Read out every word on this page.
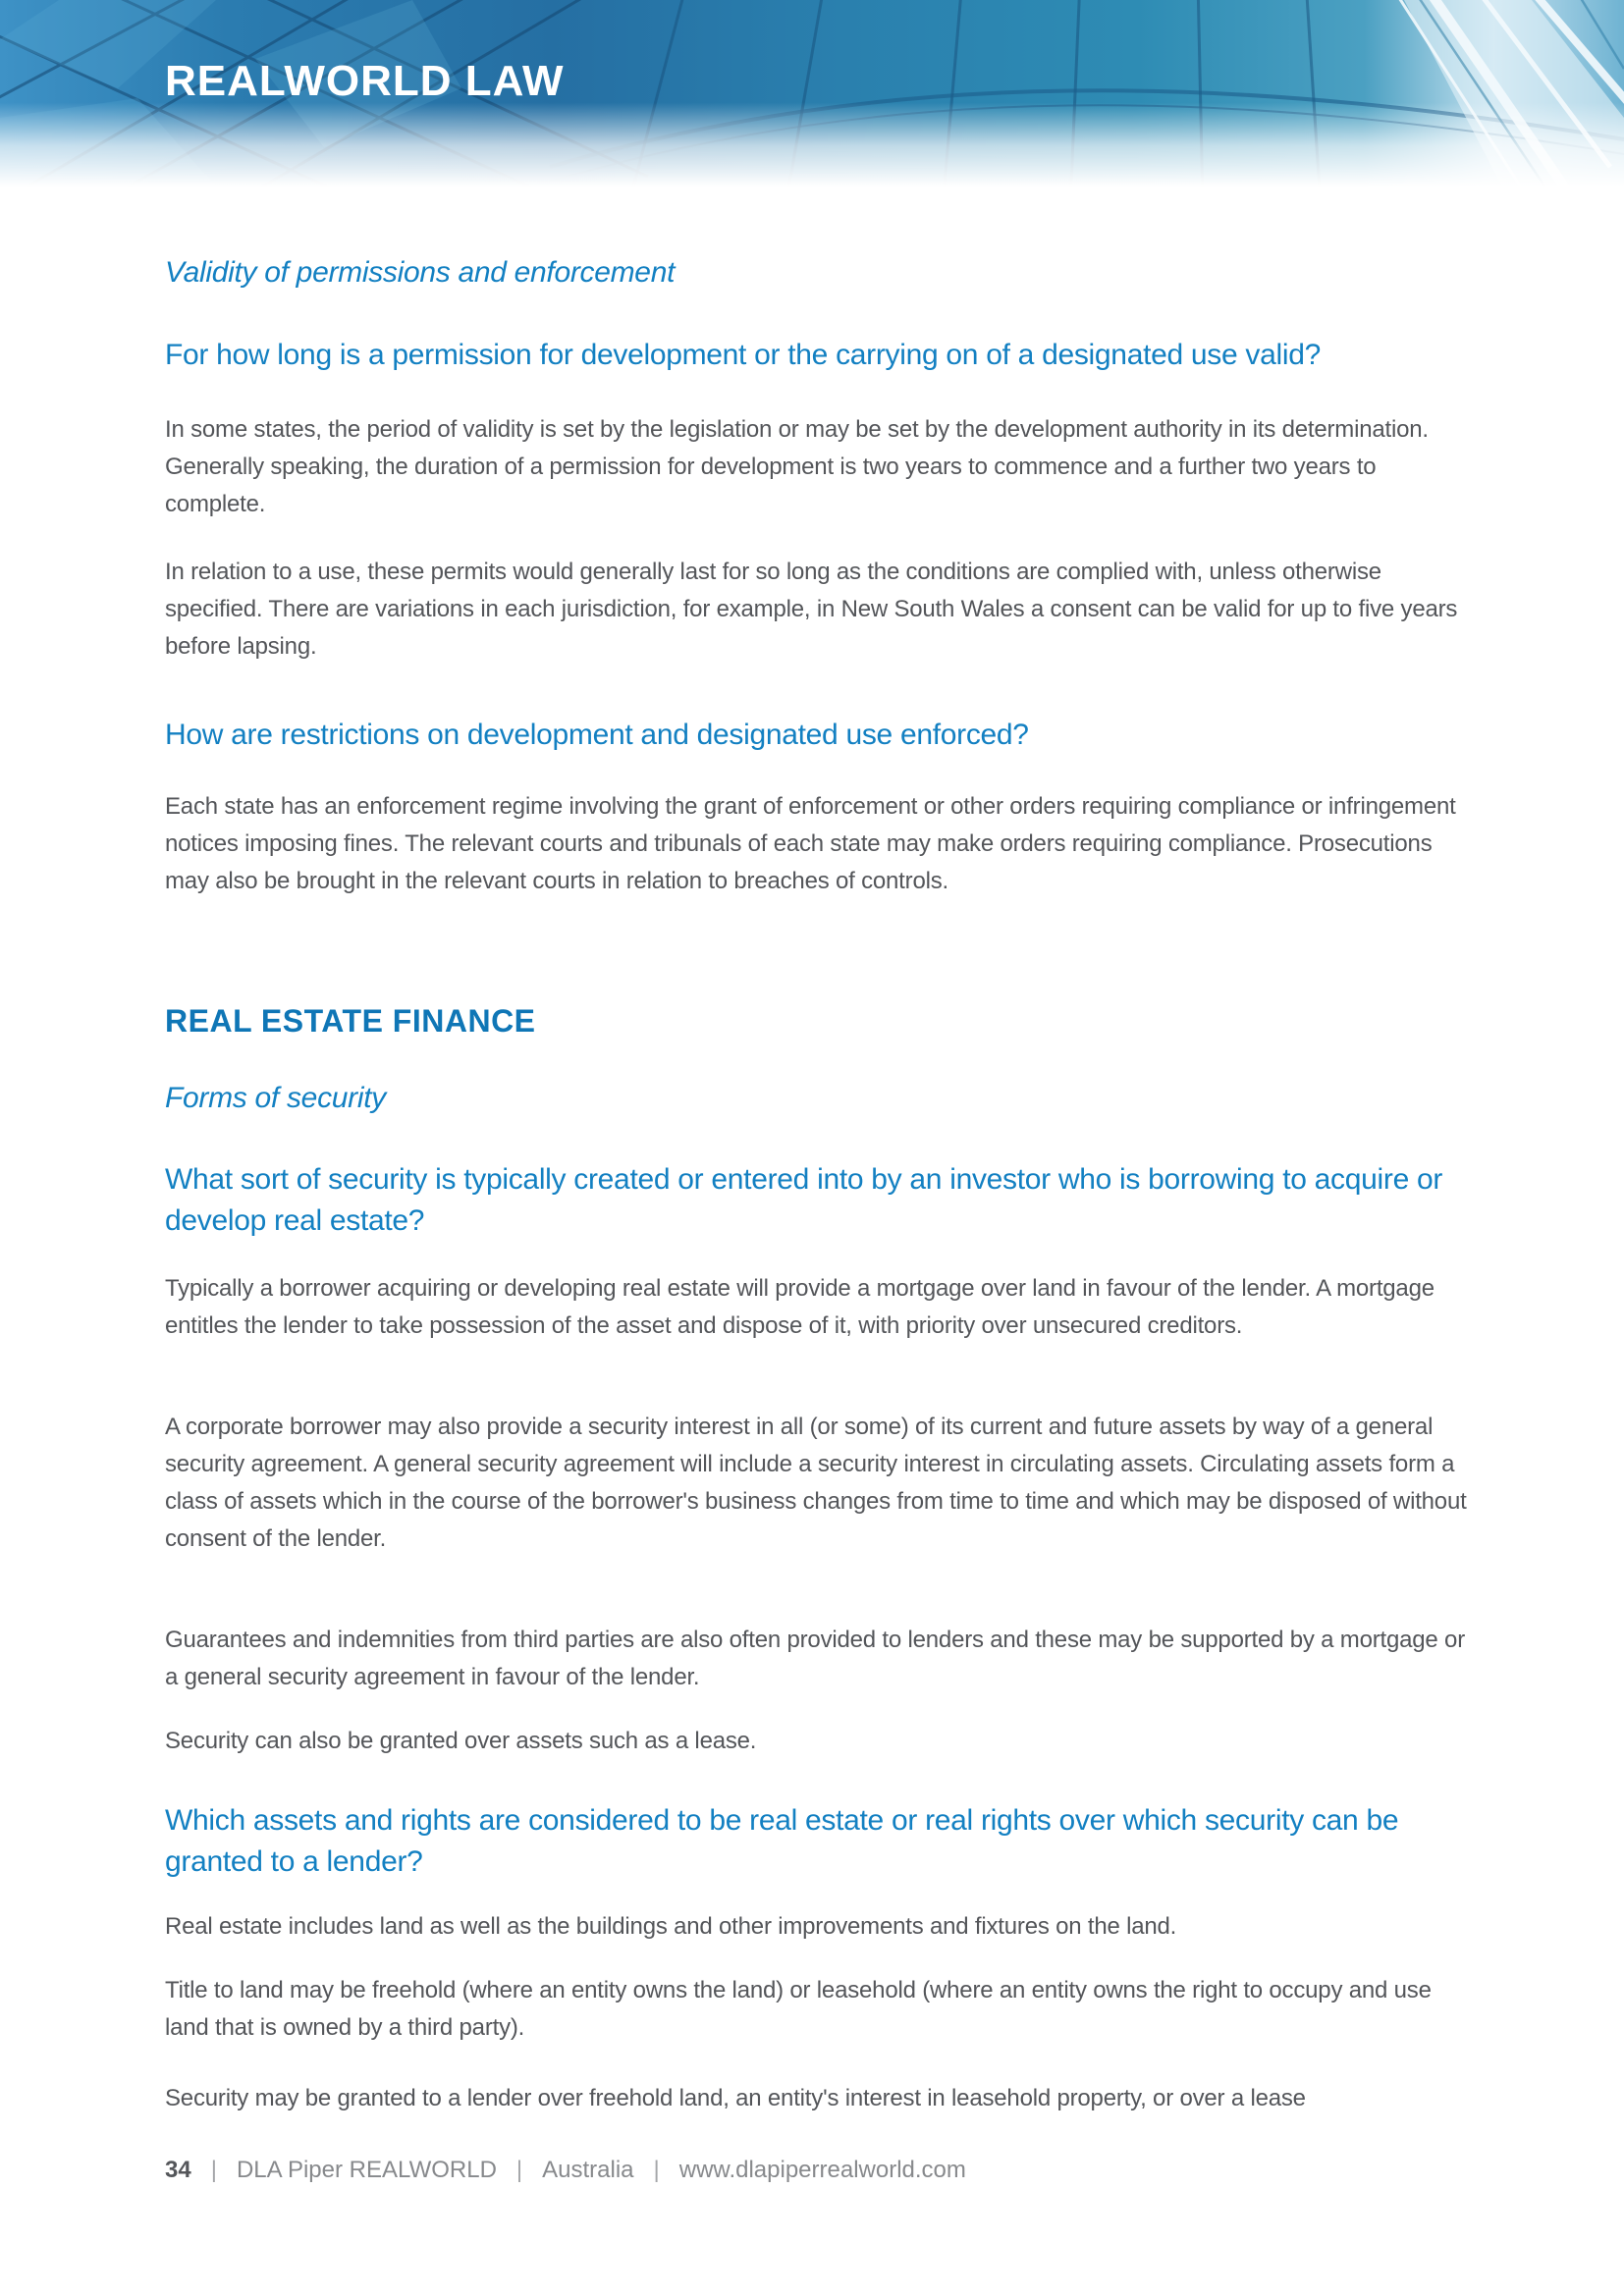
REALWORLD LAW
Validity of permissions and enforcement
For how long is a permission for development or the carrying on of a designated use valid?
In some states, the period of validity is set by the legislation or may be set by the development authority in its determination. Generally speaking, the duration of a permission for development is two years to commence and a further two years to complete.
In relation to a use, these permits would generally last for so long as the conditions are complied with, unless otherwise specified. There are variations in each jurisdiction, for example, in New South Wales a consent can be valid for up to five years before lapsing.
How are restrictions on development and designated use enforced?
Each state has an enforcement regime involving the grant of enforcement or other orders requiring compliance or infringement notices imposing fines. The relevant courts and tribunals of each state may make orders requiring compliance. Prosecutions may also be brought in the relevant courts in relation to breaches of controls.
REAL ESTATE FINANCE
Forms of security
What sort of security is typically created or entered into by an investor who is borrowing to acquire or develop real estate?
Typically a borrower acquiring or developing real estate will provide a mortgage over land in favour of the lender. A mortgage entitles the lender to take possession of the asset and dispose of it, with priority over unsecured creditors.
A corporate borrower may also provide a security interest in all (or some) of its current and future assets by way of a general security agreement. A general security agreement will include a security interest in circulating assets. Circulating assets form a class of assets which in the course of the borrower's business changes from time to time and which may be disposed of without consent of the lender.
Guarantees and indemnities from third parties are also often provided to lenders and these may be supported by a mortgage or a general security agreement in favour of the lender.
Security can also be granted over assets such as a lease.
Which assets and rights are considered to be real estate or real rights over which security can be granted to a lender?
Real estate includes land as well as the buildings and other improvements and fixtures on the land.
Title to land may be freehold (where an entity owns the land) or leasehold (where an entity owns the right to occupy and use land that is owned by a third party).
Security may be granted to a lender over freehold land, an entity's interest in leasehold property, or over a lease
34 | DLA Piper REALWORLD | Australia | www.dlapiperrealworld.com
